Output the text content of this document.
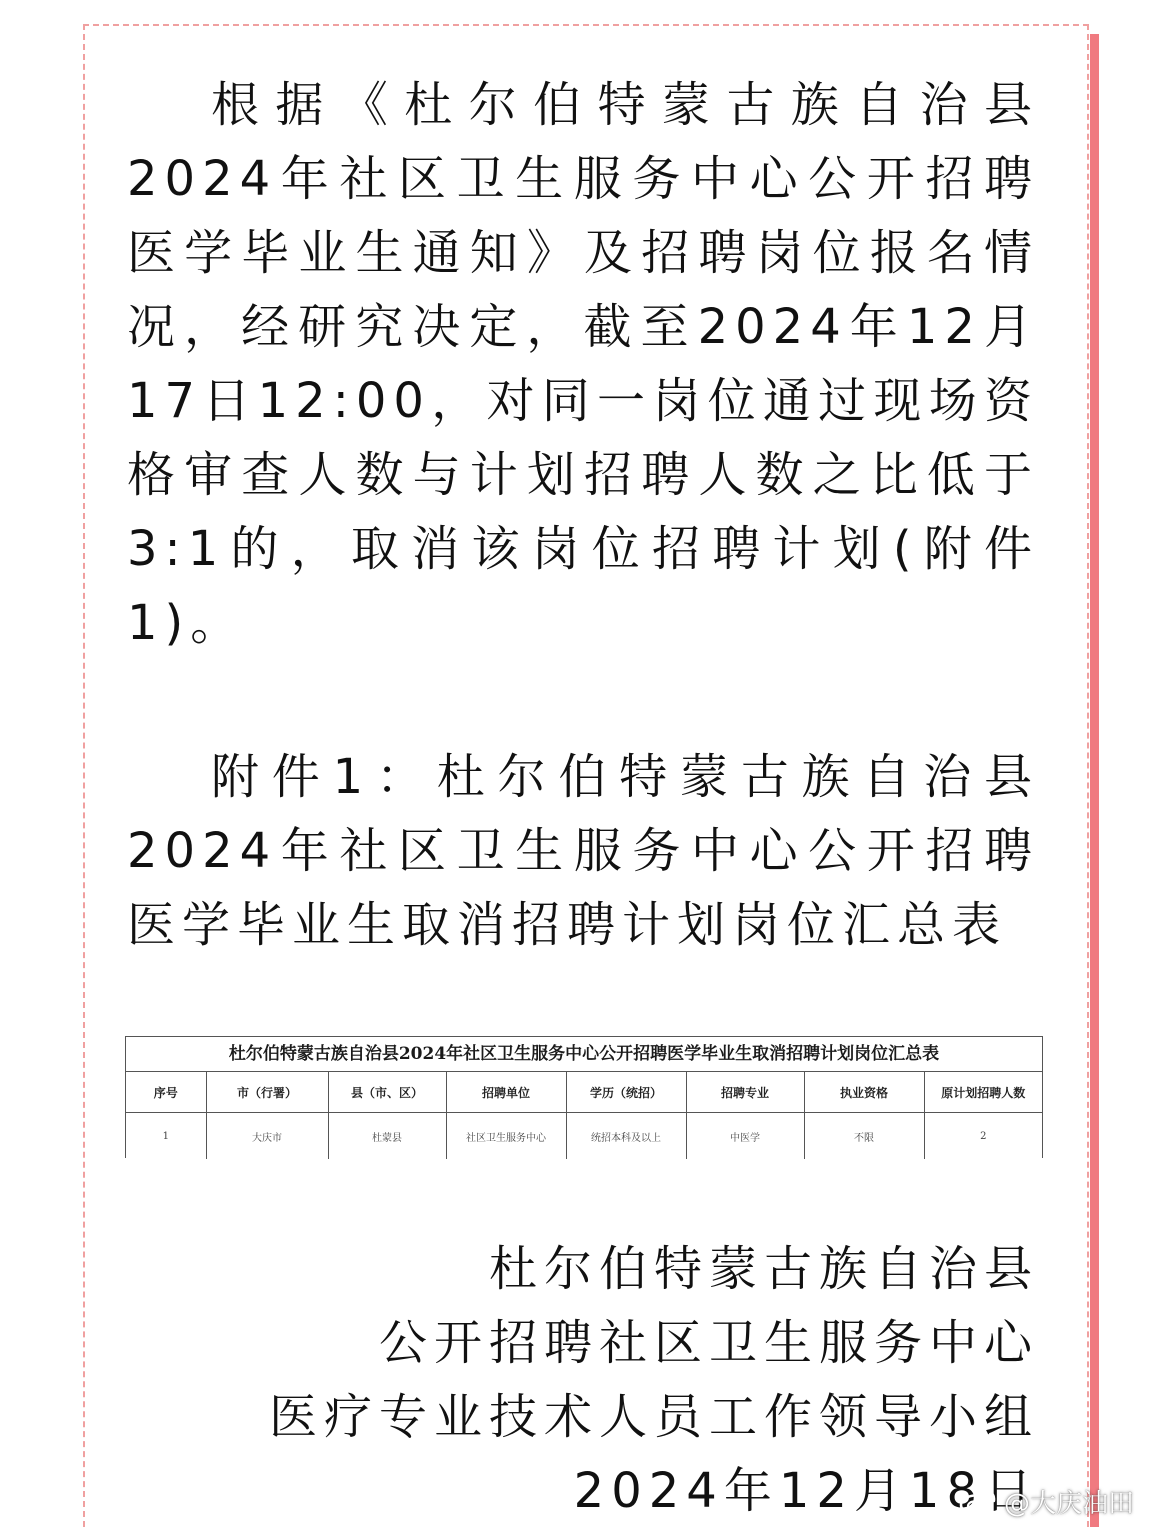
根据《杜尔伯特蒙古族自治县2024年社区卫生服务中心公开招聘医学毕业生通知》及招聘岗位报名情况，经研究决定，截至2024年12月17日12:00，对同一岗位通过现场资格审查人数与计划招聘人数之比低于3:1的，取消该岗位招聘计划(附件1)。

附件1：杜尔伯特蒙古族自治县2024年社区卫生服务中心公开招聘医学毕业生取消招聘计划岗位汇总表

杜尔伯特蒙古族自治县2024年社区卫生服务中心公开招聘医学毕业生取消招聘计划岗位汇总表
序号	市（行署）	县（市、区）	招聘单位	学历（统招）	招聘专业	执业资格	原计划招聘人数
1	大庆市	杜蒙县	社区卫生服务中心	统招本科及以上	中医学	不限	2
杜尔伯特蒙古族自治县
公开招聘社区卫生服务中心
医疗专业技术人员工作领导小组
2024年12月18日
@大庆油田
